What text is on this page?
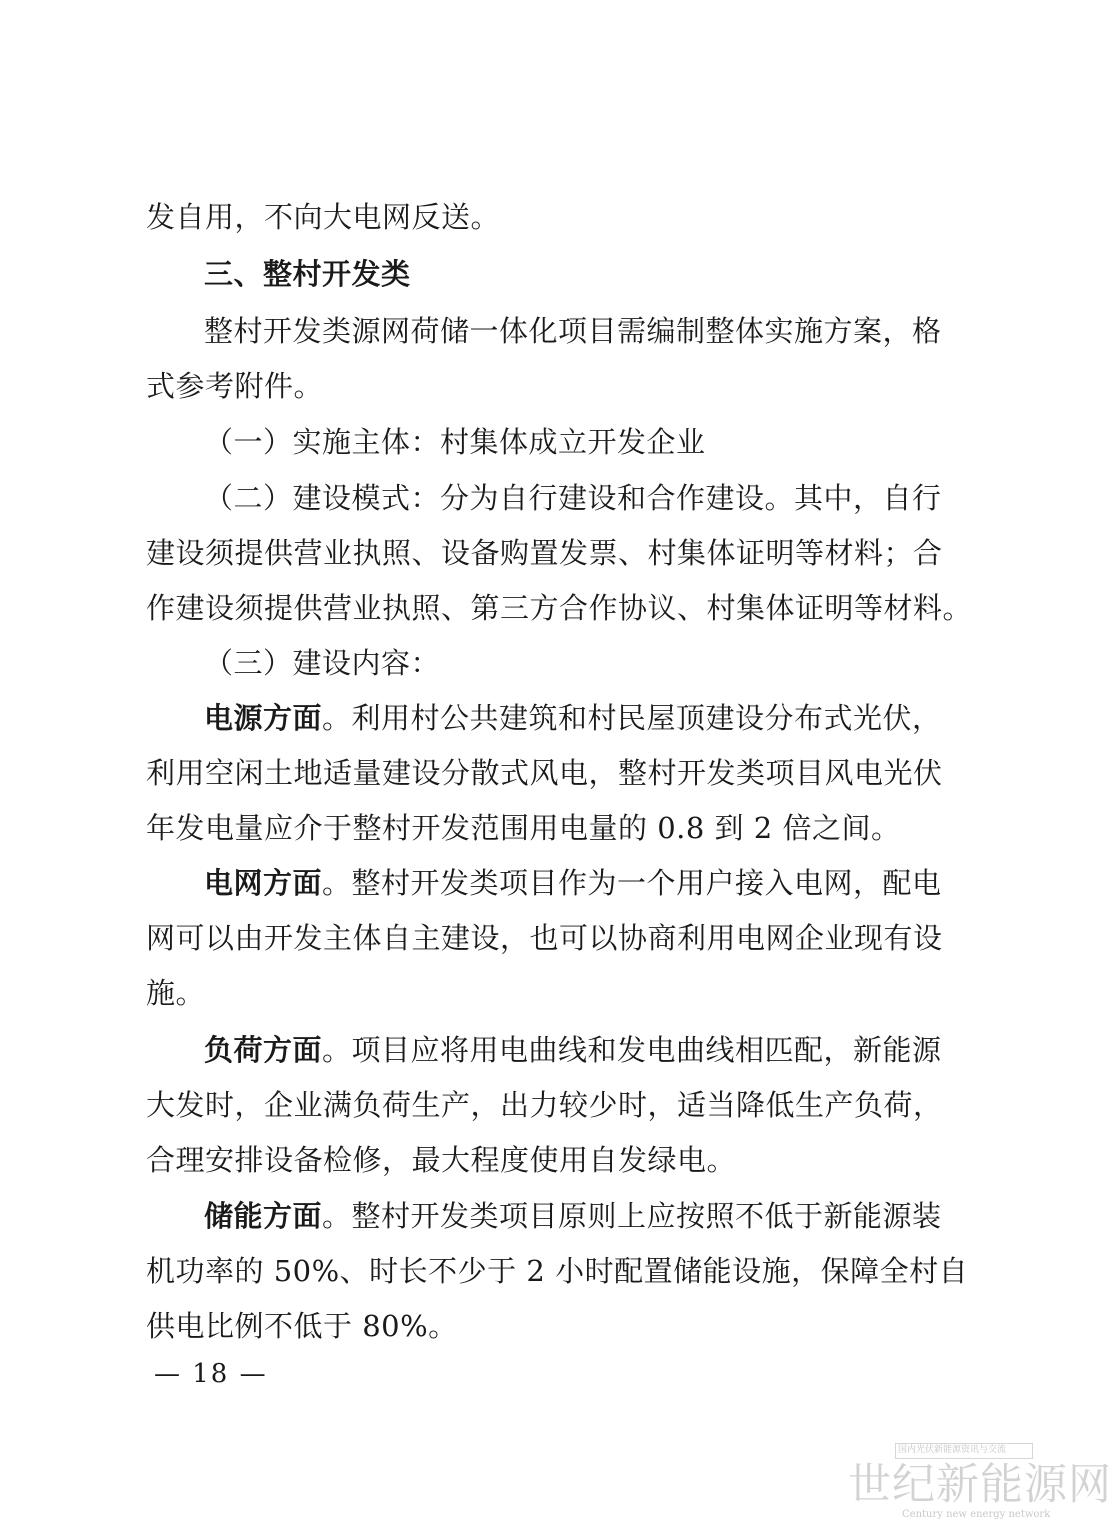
发自用，不向大电网反送。
三、整村开发类
整村开发类源网荷储一体化项目需编制整体实施方案，格
式参考附件。
（一）实施主体：村集体成立开发企业
（二）建设模式：分为自行建设和合作建设。其中，自行
建设须提供营业执照、设备购置发票、村集体证明等材料；合
作建设须提供营业执照、第三方合作协议、村集体证明等材料。
（三）建设内容：
电源方面。利用村公共建筑和村民屋顶建设分布式光伏，
利用空闲土地适量建设分散式风电，整村开发类项目风电光伏
年发电量应介于整村开发范围用电量的 0.8 到 2 倍之间。
电网方面。整村开发类项目作为一个用户接入电网，配电
网可以由开发主体自主建设，也可以协商利用电网企业现有设
施。
负荷方面。项目应将用电曲线和发电曲线相匹配，新能源
大发时，企业满负荷生产，出力较少时，适当降低生产负荷，
合理安排设备检修，最大程度使用自发绿电。
储能方面。整村开发类项目原则上应按照不低于新能源装
机功率的 50%、时长不少于 2 小时配置储能设施，保障全村自
供电比例不低于 80%。
— 18 —
国内光伏新能源资讯与交流
世纪新能源网
Century new energy network
